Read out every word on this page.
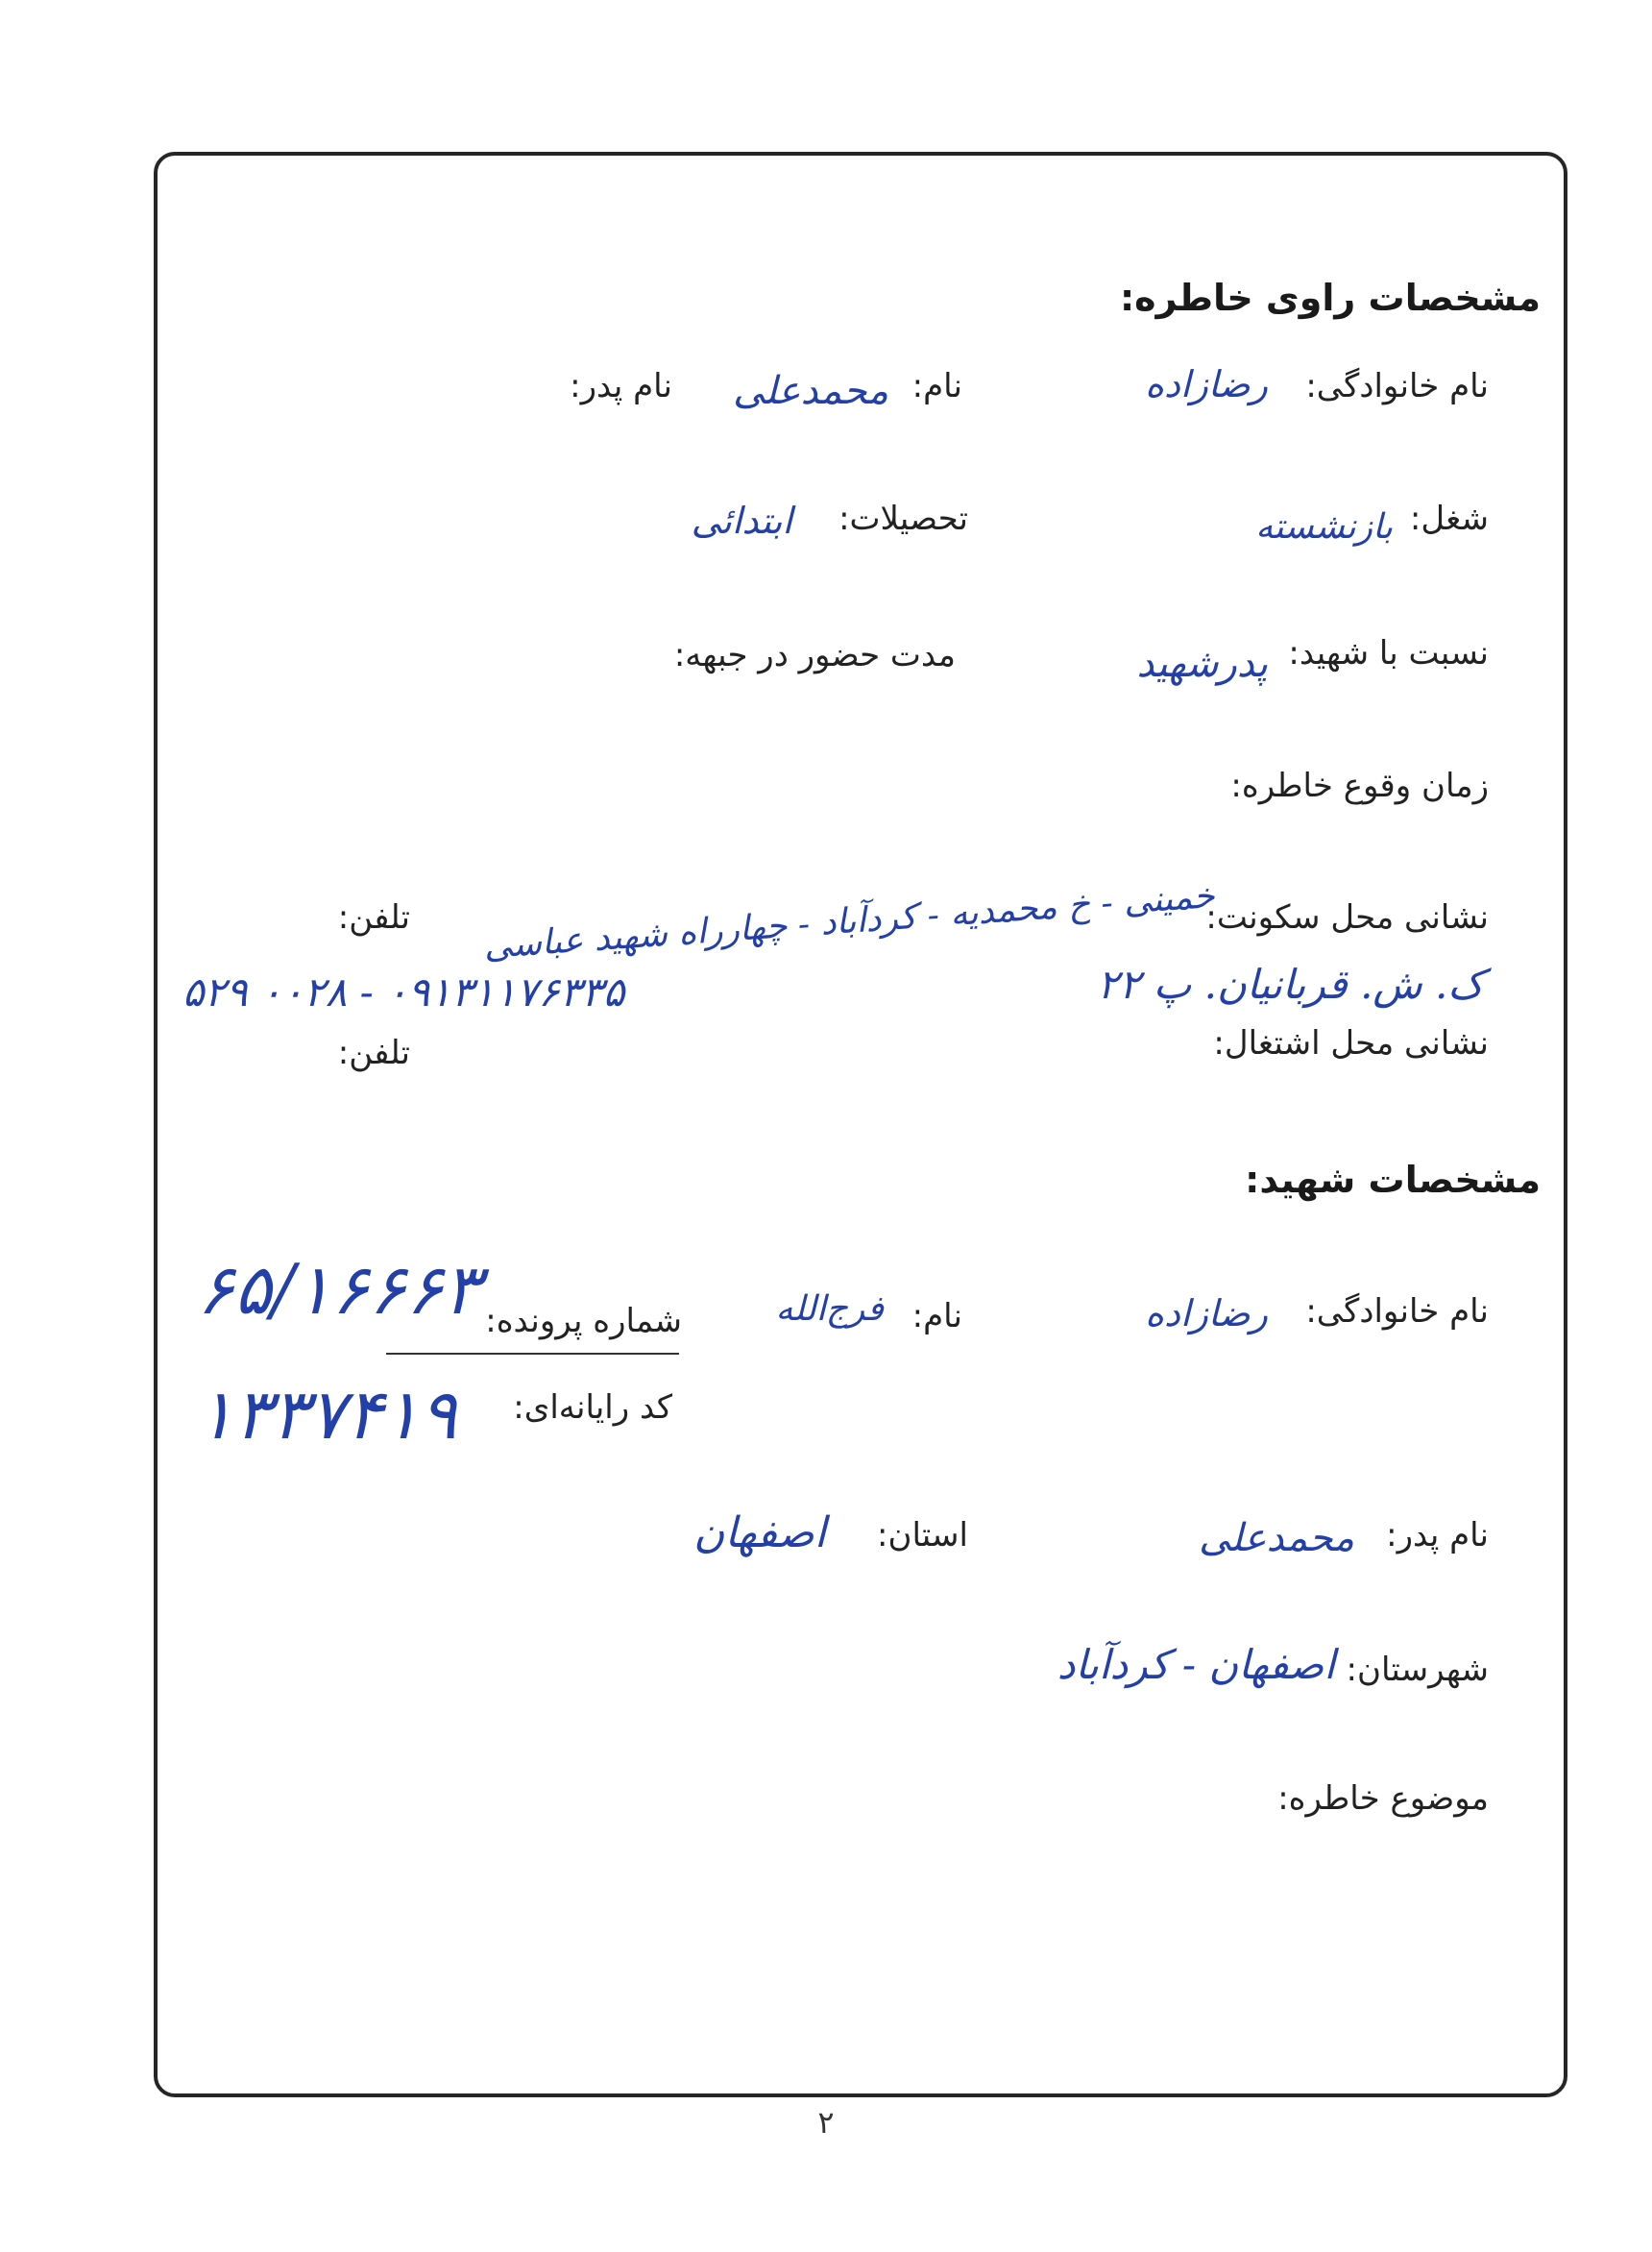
مشخصات راوی خاطره:
نام خانوادگی:
رضازاده
نام:
محمدعلی
نام پدر:
شغل:
بازنشسته
تحصیلات:
ابتدائی
نسبت با شهید:
پدرشهید
مدت حضور در جبهه:
زمان وقوع خاطره:
نشانی محل سکونت:
خمینی - خ محمدیه - کردآباد - چهارراه شهید عباسی
تلفن:
ک. ش. قربانیان. پ ۲۲
۵۲۹ ۰۰۲۸ - ۰۹۱۳۱۱۷۶۳۳۵
نشانی محل اشتغال:
تلفن:
مشخصات شهید:
نام خانوادگی:
رضازاده
نام:
فرج‌الله
شماره پرونده:
۶۵/۱۶۶۶۳
کد رایانه‌ای:
۱۳۳۷۴۱۹
نام پدر:
محمدعلی
استان:
اصفهان
شهرستان:
اصفهان - کردآباد
موضوع خاطره:
۲
